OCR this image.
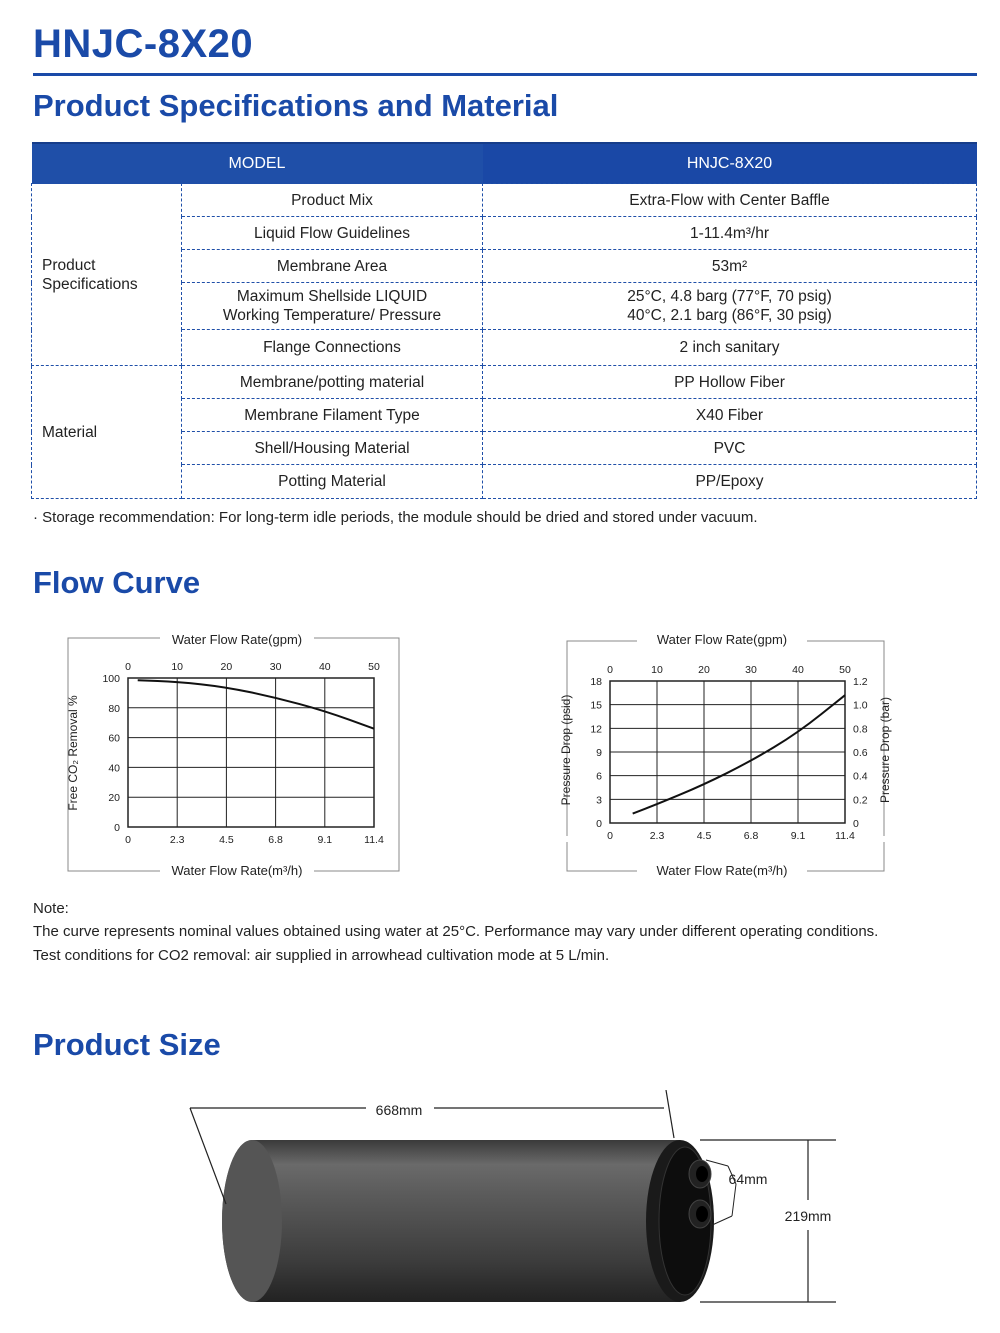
HNJC-8X20
Product Specifications and Material
MODEL		HNJC-8X20
Product Specifications	Product Mix	Extra-Flow with Center Baffle
	Liquid Flow Guidelines	1-11.4m³/hr
	Membrane Area	53m²
	Maximum Shellside LIQUID Working Temperature/ Pressure	25°C, 4.8 barg (77°F, 70 psig) 40°C, 2.1 barg (86°F, 30 psig)
	Flange Connections	2 inch sanitary
Material	Membrane/potting material	PP Hollow Fiber
	Membrane Filament Type	X40 Fiber
	Shell/Housing Material	PVC
	Potting Material	PP/Epoxy
· Storage recommendation: For long-term idle periods, the module should be dried and stored under vacuum.
Flow Curve
Water Flow Rate(gpm)
Water Flow Rate(m³/h)
Free CO₂ Removal %
0	2.3	4.5	6.8	9.1	11.4
0	10	20	30	40	50
0
20
40
60
80
100
Water Flow Rate(gpm)
Water Flow Rate(m³/h)
Pressure Drop (psid)	Pressure Drop (bar)
0	2.3	4.5	6.8	9.1	11.4
0	10	20	30	40	50
0
3
6
9
12
15
18
0
0.2
0.4
0.6
0.8
1.0
1.2
Note:
The curve represents nominal values obtained using water at 25°C. Performance may vary under different operating conditions.
Test conditions for CO2 removal: air supplied in arrowhead cultivation mode at 5 L/min.
Product Size
668mm
64mm
219mm
